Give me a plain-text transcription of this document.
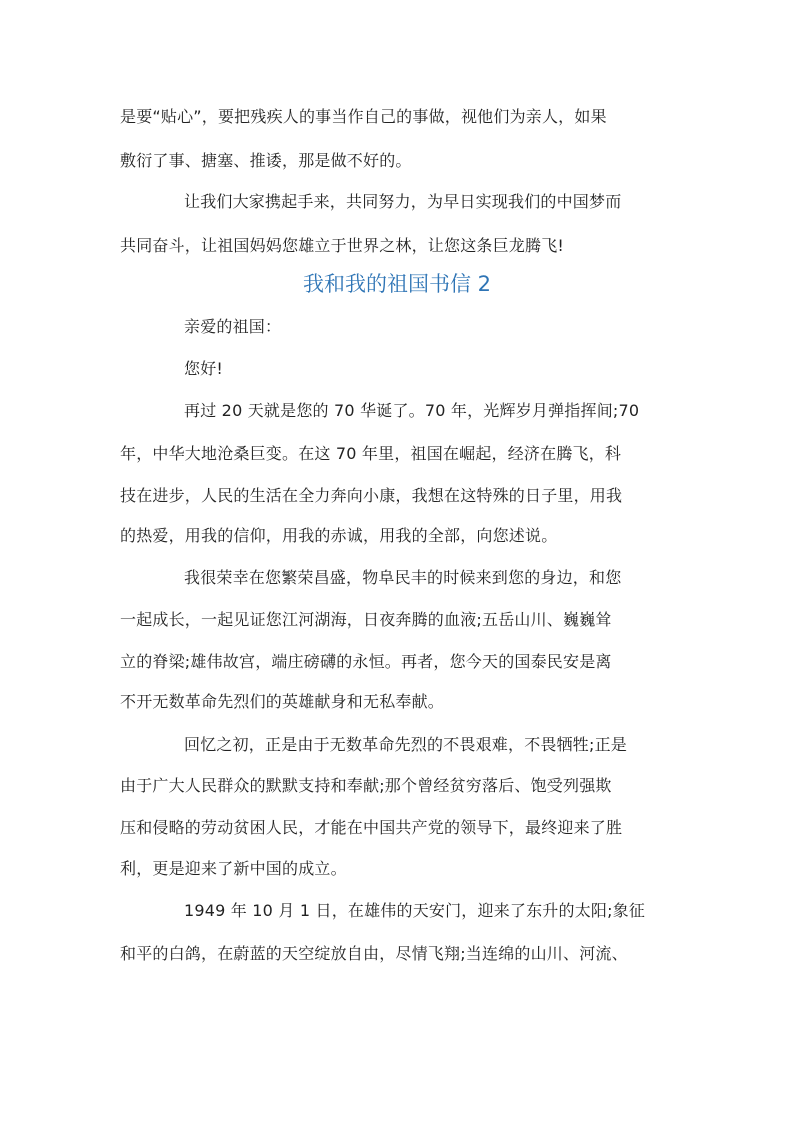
是要“贴心”，要把残疾人的事当作自己的事做，视他们为亲人，如果
敷衍了事、搪塞、推诿，那是做不好的。
让我们大家携起手来，共同努力，为早日实现我们的中国梦而
共同奋斗，让祖国妈妈您雄立于世界之林，让您这条巨龙腾飞!
我和我的祖国书信 2
亲爱的祖国：
您好!
再过 20 天就是您的 70 华诞了。70 年，光辉岁月弹指挥间;70
年，中华大地沧桑巨变。在这 70 年里，祖国在崛起，经济在腾飞，科
技在进步，人民的生活在全力奔向小康，我想在这特殊的日子里，用我
的热爱，用我的信仰，用我的赤诚，用我的全部，向您述说。
我很荣幸在您繁荣昌盛，物阜民丰的时候来到您的身边，和您
一起成长，一起见证您江河湖海，日夜奔腾的血液;五岳山川、巍巍耸
立的脊梁;雄伟故宫，端庄磅礴的永恒。再者，您今天的国泰民安是离
不开无数革命先烈们的英雄献身和无私奉献。
回忆之初，正是由于无数革命先烈的不畏艰难，不畏牺牲;正是
由于广大人民群众的默默支持和奉献;那个曾经贫穷落后、饱受列强欺
压和侵略的劳动贫困人民，才能在中国共产党的领导下，最终迎来了胜
利，更是迎来了新中国的成立。
1949 年 10 月 1 日，在雄伟的天安门，迎来了东升的太阳;象征
和平的白鸽，在蔚蓝的天空绽放自由，尽情飞翔;当连绵的山川、河流、
